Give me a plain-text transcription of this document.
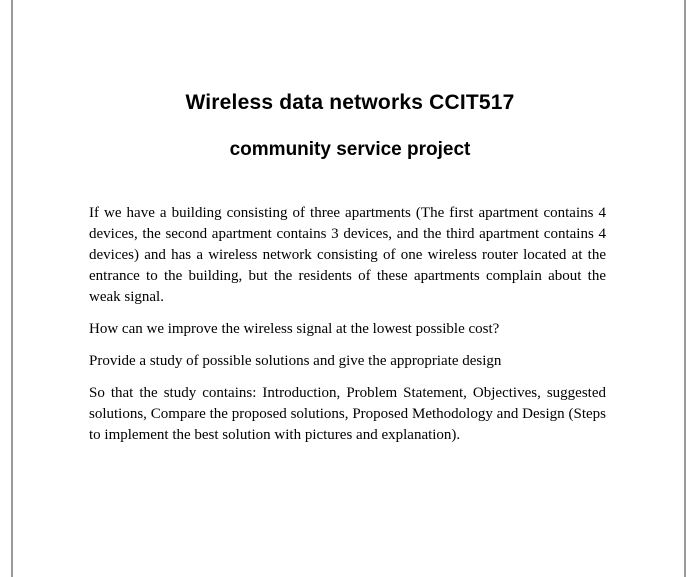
Wireless data networks CCIT517
community service project

If we have a building consisting of three apartments (The first apartment contains 4 devices, the second apartment contains 3 devices, and the third apartment contains 4 devices) and has a wireless network consisting of one wireless router located at the entrance to the building, but the residents of these apartments complain about the weak signal.

How can we improve the wireless signal at the lowest possible cost?

Provide a study of possible solutions and give the appropriate design

So that the study contains: Introduction, Problem Statement, Objectives, suggested solutions, Compare the proposed solutions, Proposed Methodology and Design (Steps to implement the best solution with pictures and explanation).
